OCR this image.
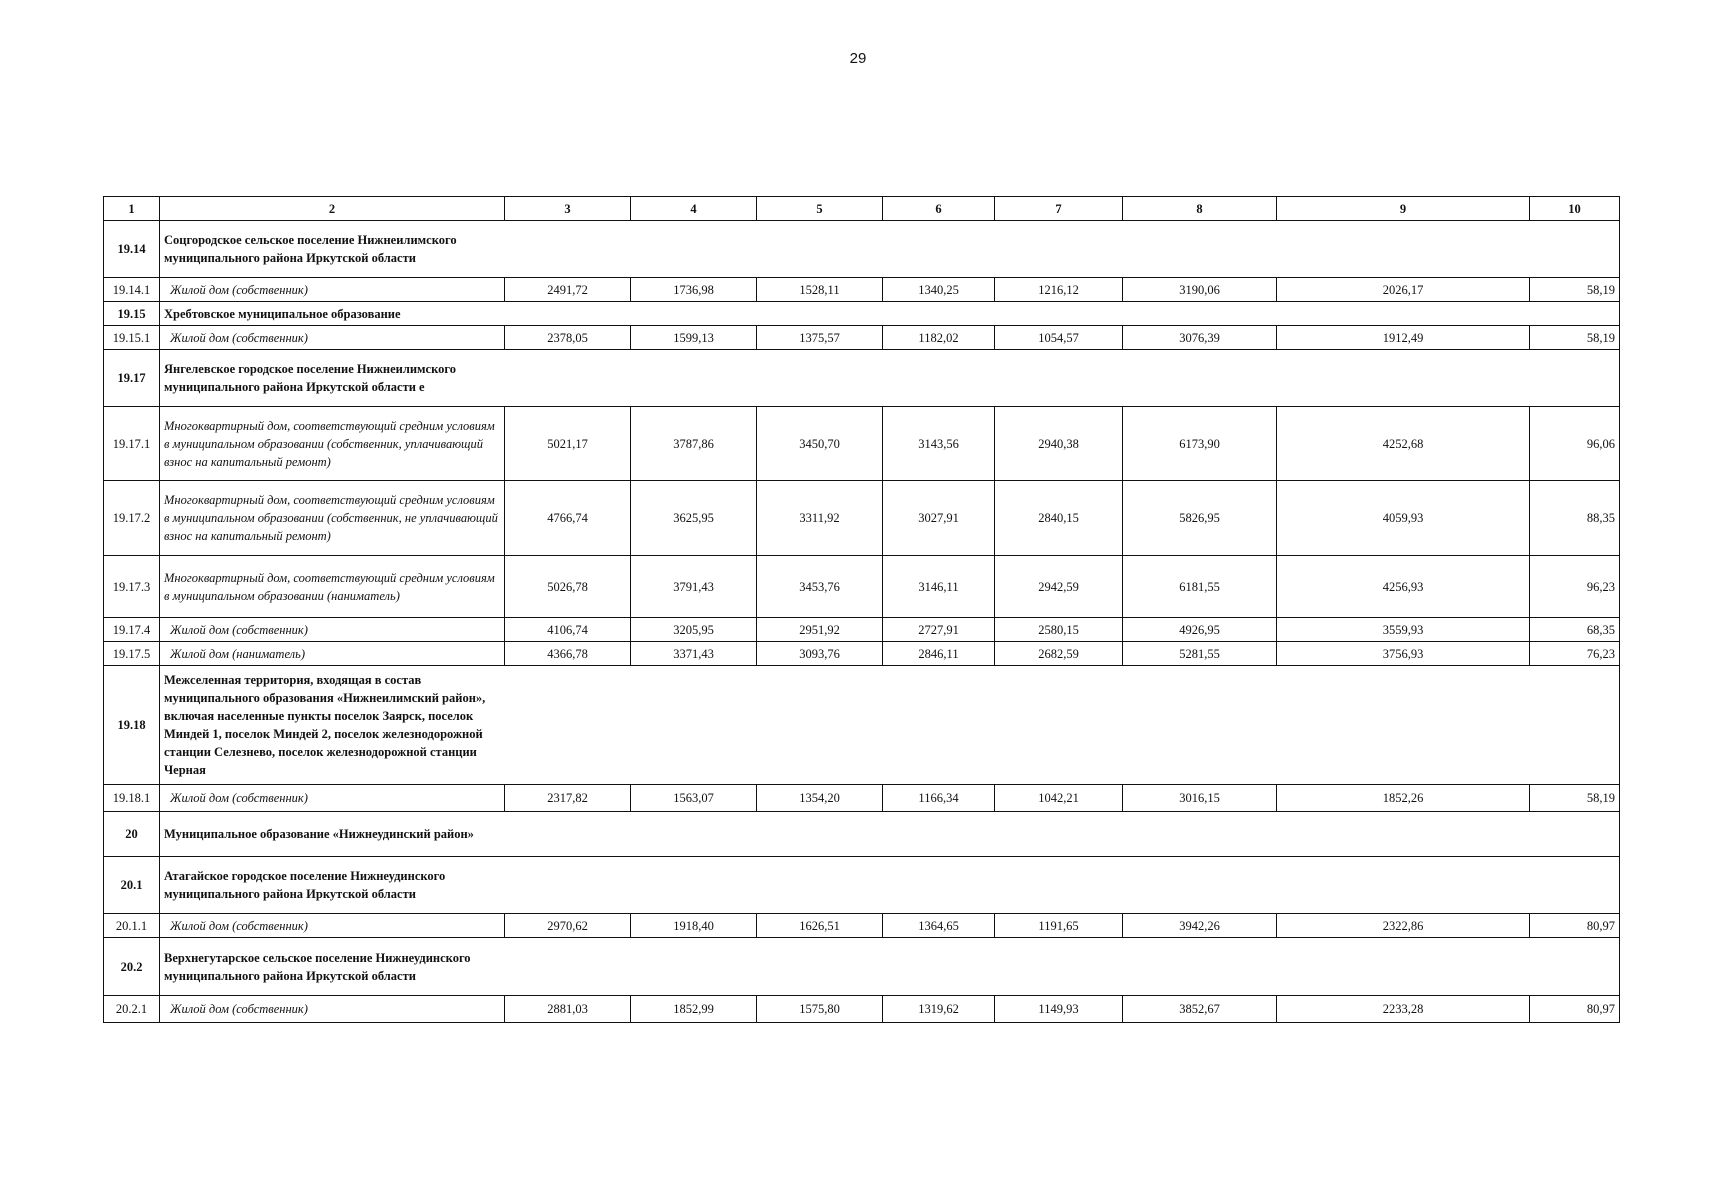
29
1	2	3	4	5	6	7	8	9	10
19.14	Соцгородское сельское поселение Нижнеилимского муниципального района Иркутской области								

19.14.1	Жилой дом (собственник)	2491,72	1736,98	1528,11	1340,25	1216,12	3190,06	2026,17	58,19
19.15	Хребтовское муниципальное образование								

19.15.1	Жилой дом (собственник)	2378,05	1599,13	1375,57	1182,02	1054,57	3076,39	1912,49	58,19
19.17	Янгелевское городское поселение Нижнеилимского муниципального района Иркутской области е								

19.17.1	Многоквартирный дом, соответствующий средним условиям в муниципальном образовании (собственник, уплачивающий взнос на капитальный ремонт)	5021,17	3787,86	3450,70	3143,56	2940,38	6173,90	4252,68	96,06
19.17.2	Многоквартирный дом, соответствующий средним условиям в муниципальном образовании (собственник, не уплачивающий взнос на капитальный ремонт)	4766,74	3625,95	3311,92	3027,91	2840,15	5826,95	4059,93	88,35
19.17.3	Многоквартирный дом, соответствующий средним условиям в муниципальном образовании (наниматель)	5026,78	3791,43	3453,76	3146,11	2942,59	6181,55	4256,93	96,23
19.17.4	Жилой дом (собственник)	4106,74	3205,95	2951,92	2727,91	2580,15	4926,95	3559,93	68,35
19.17.5	Жилой дом (наниматель)	4366,78	3371,43	3093,76	2846,11	2682,59	5281,55	3756,93	76,23
19.18	Межселенная территория, входящая в состав муниципального образования «Нижнеилимский район», включая населенные пункты поселок Заярск, поселок Миндей 1, поселок Миндей 2, поселок железнодорожной станции Селезнево, поселок железнодорожной станции Черная								

19.18.1	Жилой дом (собственник)	2317,82	1563,07	1354,20	1166,34	1042,21	3016,15	1852,26	58,19
20	Муниципальное образование «Нижнеудинский район»								

20.1	Атагайское городское поселение Нижнеудинского муниципального района Иркутской области								

20.1.1	Жилой дом (собственник)	2970,62	1918,40	1626,51	1364,65	1191,65	3942,26	2322,86	80,97
20.2	Верхнегутарское сельское поселение Нижнеудинского муниципального района Иркутской области								

20.2.1	Жилой дом (собственник)	2881,03	1852,99	1575,80	1319,62	1149,93	3852,67	2233,28	80,97
